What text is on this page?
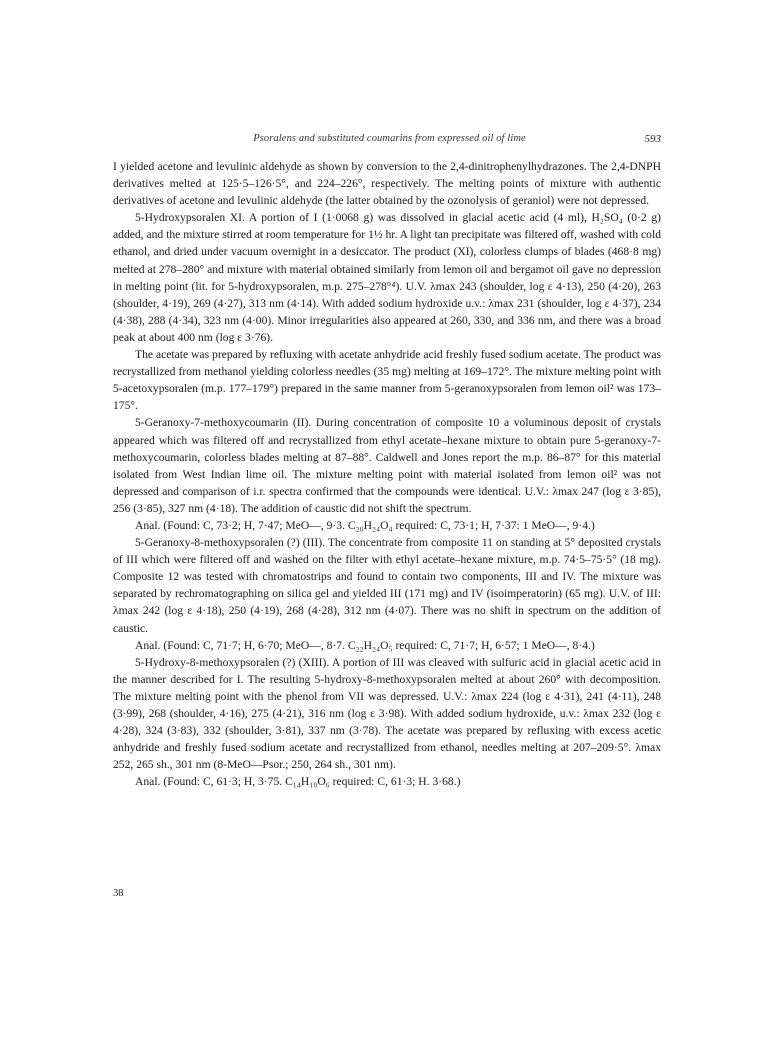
Psoralens and substituted coumarins from expressed oil of lime	593

I yielded acetone and levulinic aldehyde as shown by conversion to the 2,4-dinitrophenylhydrazones. The 2,4-DNPH derivatives melted at 125·5–126·5°, and 224–226°, respectively. The melting points of mixture with authentic derivatives of acetone and levulinic aldehyde (the latter obtained by the ozonolysis of geraniol) were not depressed.

5-Hydroxypsoralen XI. A portion of I (1·0068 g) was dissolved in glacial acetic acid (4 ml), H₂SO₄ (0·2 g) added, and the mixture stirred at room temperature for 1½ hr. A light tan precipitate was filtered off, washed with cold ethanol, and dried under vacuum overnight in a desiccator. The product (XI), colorless clumps of blades (468·8 mg) melted at 278–280° and mixture with material obtained similarly from lemon oil and bergamot oil gave no depression in melting point (lit. for 5-hydroxypsoralen, m.p. 275–278°⁴). U.V. λmax 243 (shoulder, log ε 4·13), 250 (4·20), 263 (shoulder, 4·19), 269 (4·27), 313 nm (4·14). With added sodium hydroxide u.v.: λmax 231 (shoulder, log ε 4·37), 234 (4·38), 288 (4·34), 323 nm (4·00). Minor irregularities also appeared at 260, 330, and 336 nm, and there was a broad peak at about 400 nm (log ε 3·76).

The acetate was prepared by refluxing with acetate anhydride acid freshly fused sodium acetate. The product was recrystallized from methanol yielding colorless needles (35 mg) melting at 169–172°. The mixture melting point with 5-acetoxypsoralen (m.p. 177–179°) prepared in the same manner from 5-geranoxypsoralen from lemon oil² was 173–175°.

5-Geranoxy-7-methoxycoumarin (II). During concentration of composite 10 a voluminous deposit of crystals appeared which was filtered off and recrystallized from ethyl acetate–hexane mixture to obtain pure 5-geranoxy-7-methoxycoumarin, colorless blades melting at 87–88°. Caldwell and Jones report the m.p. 86–87° for this material isolated from West Indian lime oil. The mixture melting point with material isolated from lemon oil² was not depressed and comparison of i.r. spectra confirmed that the compounds were identical. U.V.: λmax 247 (log ε 3·85), 256 (3·85), 327 nm (4·18). The addition of caustic did not shift the spectrum.

Anal. (Found: C, 73·2; H, 7·47; MeO—, 9·3. C₂₀H₂₄O₄ required: C, 73·1; H, 7·37: 1 MeO—, 9·4.)

5-Geranoxy-8-methoxypsoralen (?) (III). The concentrate from composite 11 on standing at 5° deposited crystals of III which were filtered off and washed on the filter with ethyl acetate–hexane mixture, m.p. 74·5–75·5° (18 mg). Composite 12 was tested with chromatostrips and found to contain two components, III and IV. The mixture was separated by rechromatographing on silica gel and yielded III (171 mg) and IV (isoimperatorin) (65 mg). U.V. of III: λmax 242 (log ε 4·18), 250 (4·19), 268 (4·28), 312 nm (4·07). There was no shift in spectrum on the addition of caustic.

Anal. (Found: C, 71·7; H, 6·70; MeO—, 8·7. C₂₂H₂₄O₅ required: C, 71·7; H, 6·57; 1 MeO—, 8·4.)

5-Hydroxy-8-methoxypsoralen (?) (XIII). A portion of III was cleaved with sulfuric acid in glacial acetic acid in the manner described for I. The resulting 5-hydroxy-8-methoxypsoralen melted at about 260° with decomposition. The mixture melting point with the phenol from VII was depressed. U.V.: λmax 224 (log ε 4·31), 241 (4·11), 248 (3·99), 268 (shoulder, 4·16), 275 (4·21), 316 nm (log ε 3·98). With added sodium hydroxide, u.v.: λmax 232 (log ε 4·28), 324 (3·83), 332 (shoulder, 3·81), 337 nm (3·78). The acetate was prepared by refluxing with excess acetic anhydride and freshly fused sodium acetate and recrystallized from ethanol, needles melting at 207–209·5°. λmax 252, 265 sh., 301 nm (8-MeO—Psor.; 250, 264 sh., 301 nm).

Anal. (Found: C, 61·3; H, 3·75. C₁₄H₁₀O₆ required: C, 61·3; H. 3·68.)

38
